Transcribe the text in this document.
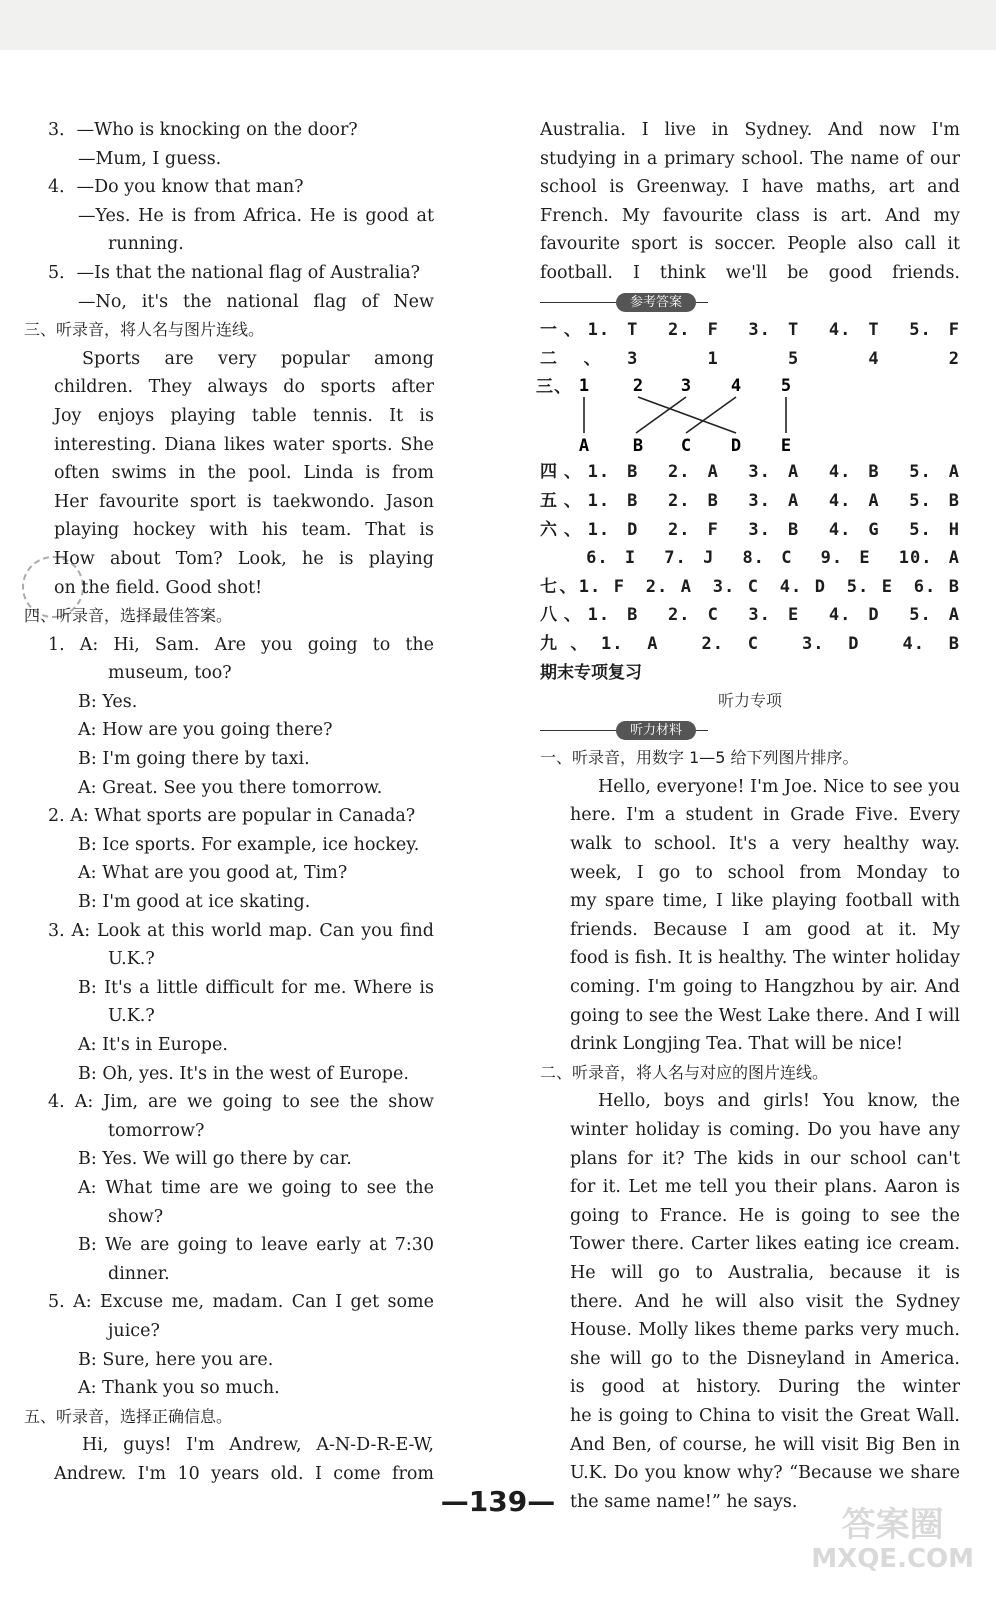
3．—Who is knocking on the door?
—Mum, I guess.
4．—Do you know that man?
—Yes. He is from Africa. He is good at
running.
5．—Is that the national flag of Australia?
—No, it's the national flag of New
三、听录音，将人名与图片连线。
Sports are very popular among
children. They always do sports after
Joy enjoys playing table tennis. It is
interesting. Diana likes water sports. She
often swims in the pool. Linda is from
Her favourite sport is taekwondo. Jason
playing hockey with his team. That is
How about Tom? Look, he is playing
on the field. Good shot!
四、听录音，选择最佳答案。
1. A: Hi, Sam. Are you going to the
museum, too?
B: Yes.
A: How are you going there?
B: I'm going there by taxi.
A: Great. See you there tomorrow.
2. A: What sports are popular in Canada?
B: Ice sports. For example, ice hockey.
A: What are you good at, Tim?
B: I'm good at ice skating.
3. A: Look at this world map. Can you find
U.K.?
B: It's a little difficult for me. Where is
U.K.?
A: It's in Europe.
B: Oh, yes. It's in the west of Europe.
4. A: Jim, are we going to see the show
tomorrow?
B: Yes. We will go there by car.
A: What time are we going to see the
show?
B: We are going to leave early at 7:30
dinner.
5. A: Excuse me, madam. Can I get some
juice?
B: Sure, here you are.
A: Thank you so much.
五、听录音，选择正确信息。
Hi, guys! I'm Andrew, A-N-D-R-E-W,
Andrew. I'm 10 years old. I come from
Australia. I live in Sydney. And now I'm
studying in a primary school. The name of our
school is Greenway. I have maths, art and
French. My favourite class is art. And my
favourite sport is soccer. People also call it
football. I think we'll be good friends.
参考答案
一、1. T　2. F　3. T　4. T　5. F
二、3　1　5　4　2
三、 1	2 3 4 5
A	B C D E
四、1. B　2. A　3. A　4. B　5. A
五、1. B　2. B　3. A　4. A　5. B
六、1. D　2. F　3. B　4. G　5. H
　　6. I　7. J　8. C　9. E　10. A
七、1. F　2. A　3. C　4. D　5. E　6. B
八、1. B　2. C　3. E　4. D　5. A
九、1. A　2. C　3. D　4. B
期末专项复习
听力专项
听力材料
一、听录音，用数字 1—5 给下列图片排序。
Hello, everyone! I'm Joe. Nice to see you
here. I'm a student in Grade Five. Every
walk to school. It's a very healthy way.
week, I go to school from Monday to
my spare time, I like playing football with
friends. Because I am good at it. My
food is fish. It is healthy. The winter holiday
coming. I'm going to Hangzhou by air. And
going to see the West Lake there. And I will
drink Longjing Tea. That will be nice!
二、听录音，将人名与对应的图片连线。
Hello, boys and girls! You know, the
winter holiday is coming. Do you have any
plans for it? The kids in our school can't
for it. Let me tell you their plans. Aaron is
going to France. He is going to see the
Tower there. Carter likes eating ice cream.
He will go to Australia, because it is
there. And he will also visit the Sydney
House. Molly likes theme parks very much.
she will go to the Disneyland in America.
is good at history. During the winter
he is going to China to visit the Great Wall.
And Ben, of course, he will visit Big Ben in
U.K. Do you know why? “Because we share
the same name!” he says.
—139—
答案圈
MXQE.COM
